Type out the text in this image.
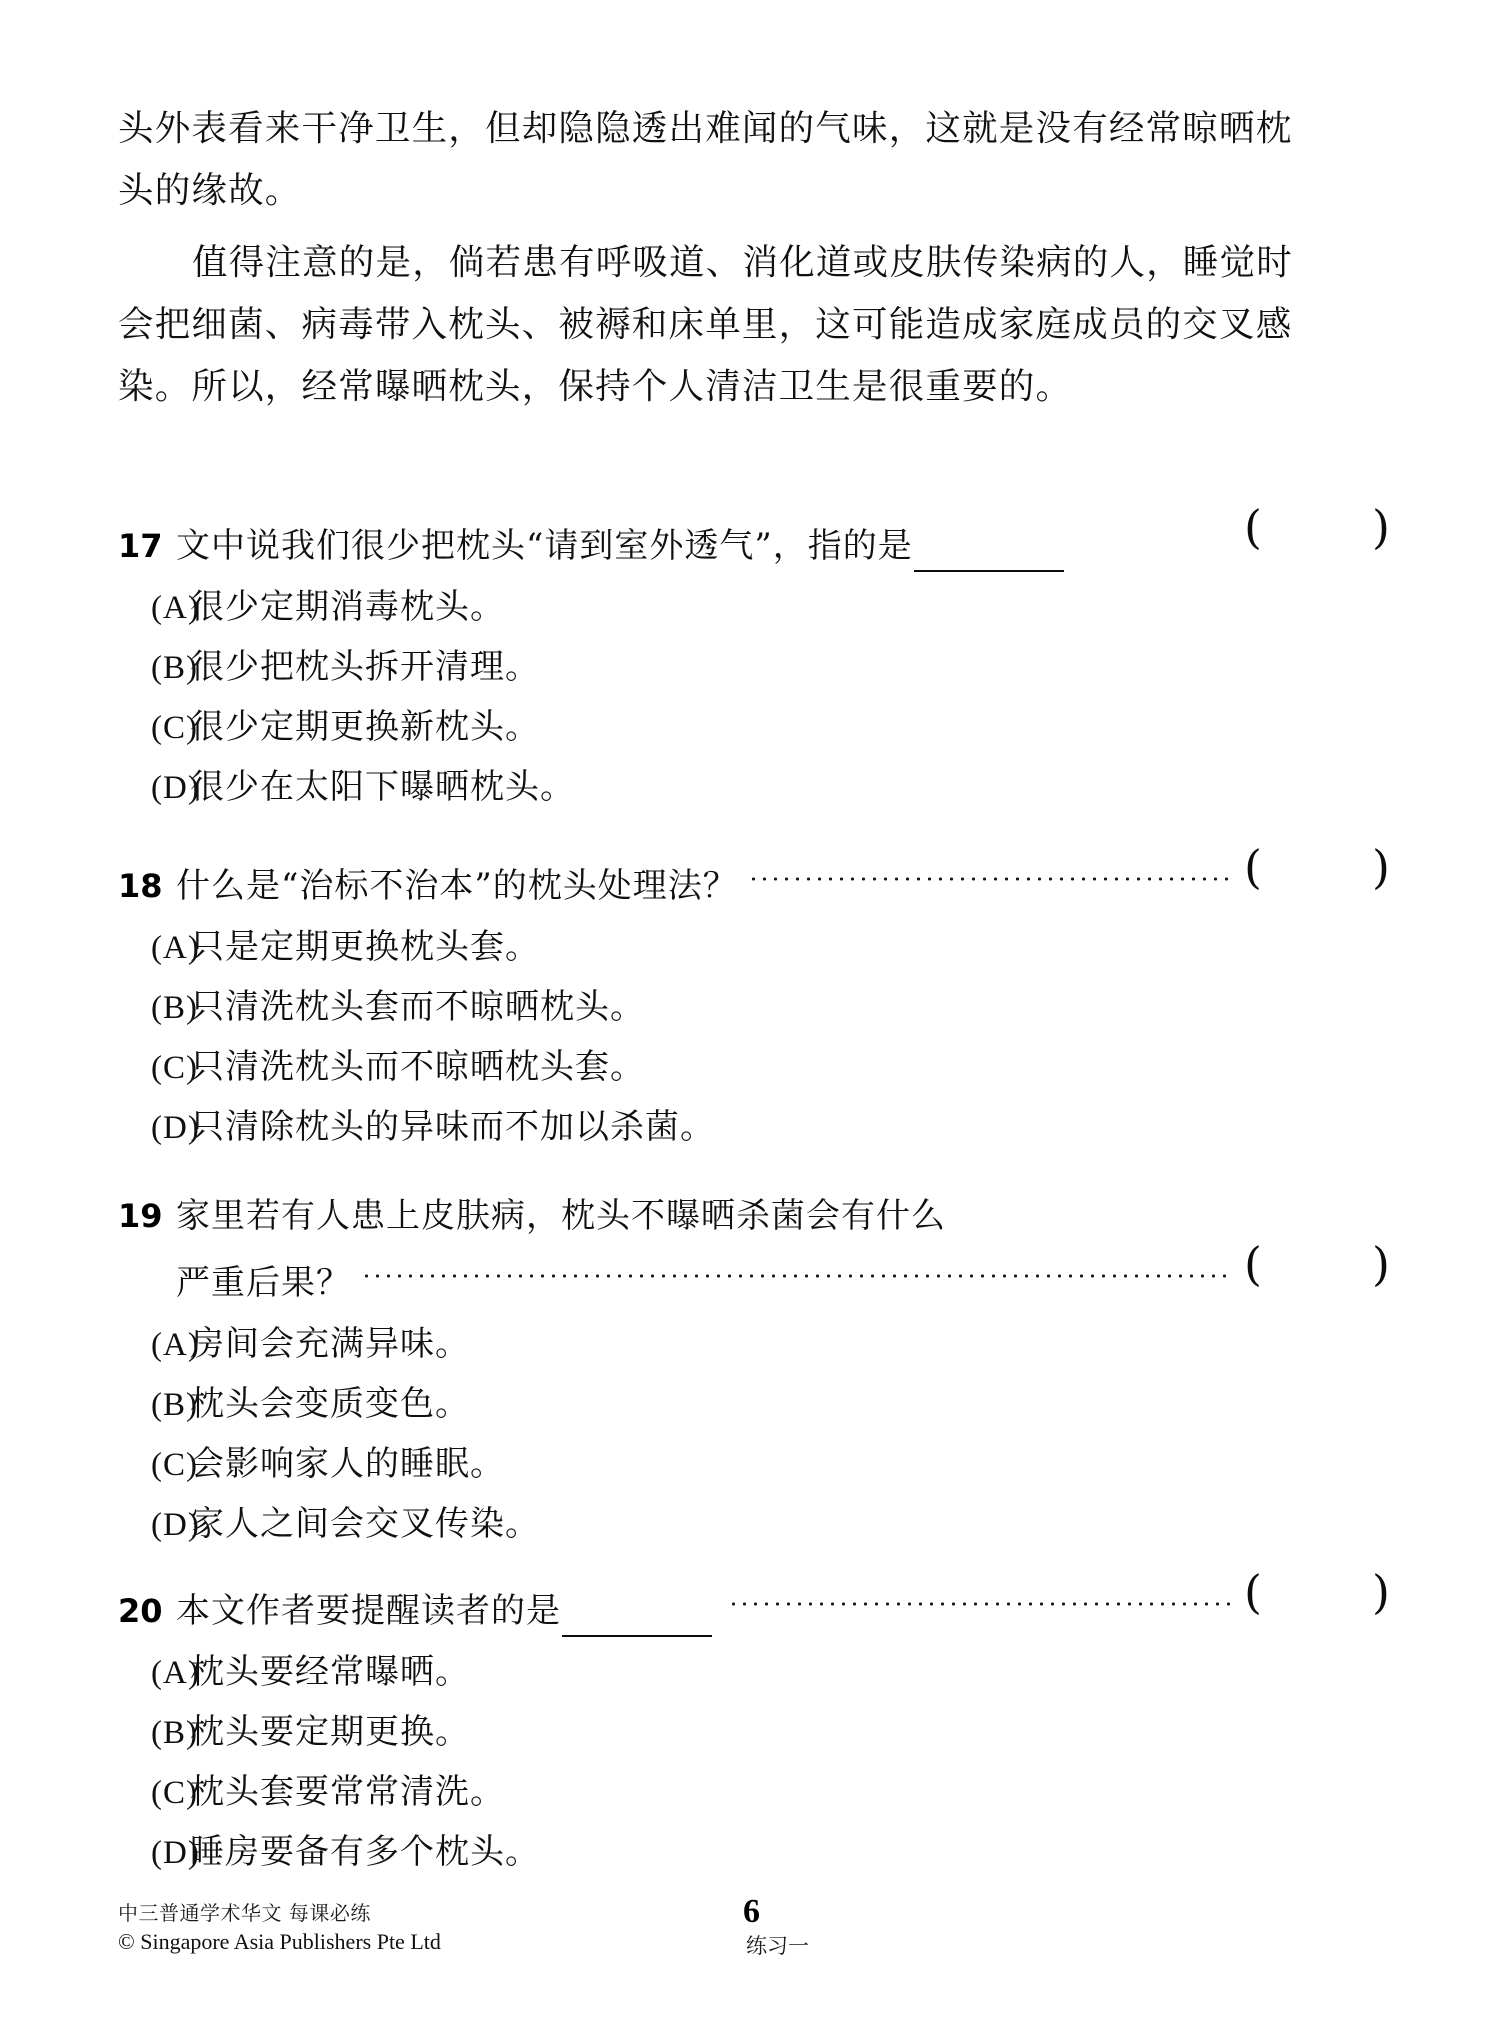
头外表看来干净卫生，但却隐隐透出难闻的气味，这就是没有经常晾晒枕
头的缘故。
值得注意的是，倘若患有呼吸道、消化道或皮肤传染病的人，睡觉时
会把细菌、病毒带入枕头、被褥和床单里，这可能造成家庭成员的交叉感
染。所以，经常曝晒枕头，保持个人清洁卫生是很重要的。
17 文中说我们很少把枕头“请到室外透气”，指的是	( )
(A)
很少定期消毒枕头。
(B)
很少把枕头拆开清理。
(C)
很少定期更换新枕头。
(D)
很少在太阳下曝晒枕头。
18 什么是“治标不治本”的枕头处理法？	( )
(A)
只是定期更换枕头套。
(B)
只清洗枕头套而不晾晒枕头。
(C)
只清洗枕头而不晾晒枕头套。
(D)
只清除枕头的异味而不加以杀菌。
19 家里若有人患上皮肤病，枕头不曝晒杀菌会有什么
严重后果？	( )
(A)
房间会充满异味。
(B)
枕头会变质变色。
(C)
会影响家人的睡眠。
(D)
家人之间会交叉传染。
20 本文作者要提醒读者的是	( )
(A)
枕头要经常曝晒。
(B)
枕头要定期更换。
(C)
枕头套要常常清洗。
(D)
睡房要备有多个枕头。
中三普通学术华文 每课必练
© Singapore Asia Publishers Pte Ltd
6
练习一
